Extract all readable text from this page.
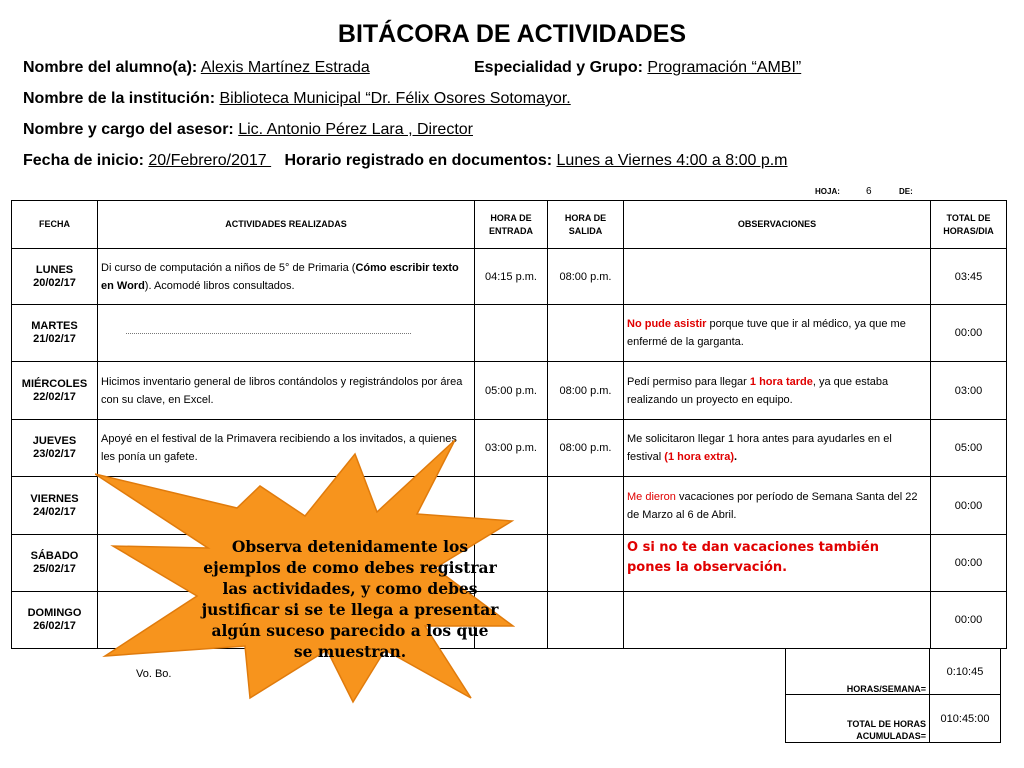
BITÁCORA DE ACTIVIDADES
Nombre del alumno(a): Alexis Martínez Estrada	Especialidad y Grupo: Programación “AMBI”
Nombre de la institución: Biblioteca Municipal “Dr. Félix Osores Sotomayor.
Nombre y cargo del asesor: Lic. Antonio Pérez Lara , Director
Fecha de inicio: 20/Febrero/2017    Horario registrado en documentos: Lunes a Viernes 4:00 a 8:00 p.m
HOJA:	6	DE:
FECHA	ACTIVIDADES REALIZADAS	HORA DE ENTRADA	HORA DE SALIDA	OBSERVACIONES	TOTAL DE HORAS/DIA
LUNES
20/02/17	Di curso de computación a niños de 5° de Primaria (Cómo escribir texto en Word). Acomodé libros consultados.	04:15 p.m.	08:00 p.m.		03:45
MARTES
21/02/17				No pude asistir porque tuve que ir al médico, ya que me enfermé de la garganta.	00:00
MIÉRCOLES
22/02/17	Hicimos inventario general de libros contándolos y registrándolos por área con su clave, en Excel.	05:00 p.m.	08:00 p.m.	Pedí permiso para llegar 1 hora tarde, ya que estaba realizando un proyecto en equipo.	03:00
JUEVES
23/02/17	Apoyé en el festival de la Primavera recibiendo a los invitados, a quienes les ponía un gafete.	03:00 p.m.	08:00 p.m.	Me solicitaron llegar 1 hora antes para ayudarles en el festival (1 hora extra).	05:00
VIERNES
24/02/17				Me dieron vacaciones por período de Semana Santa del 22 de Marzo al 6 de Abril.	00:00
SÁBADO
25/02/17				O si no te dan vacaciones también pones la observación.	00:00
DOMINGO
26/02/17					00:00
Vo. Bo.
HORAS/SEMANA=	0:10:45
TOTAL DE HORAS ACUMULADAS=	010:45:00
Observa detenidamente los ejemplos de como debes registrar las actividades, y como debes justificar si se te llega a presentar algún suceso parecido a los que se muestran.
